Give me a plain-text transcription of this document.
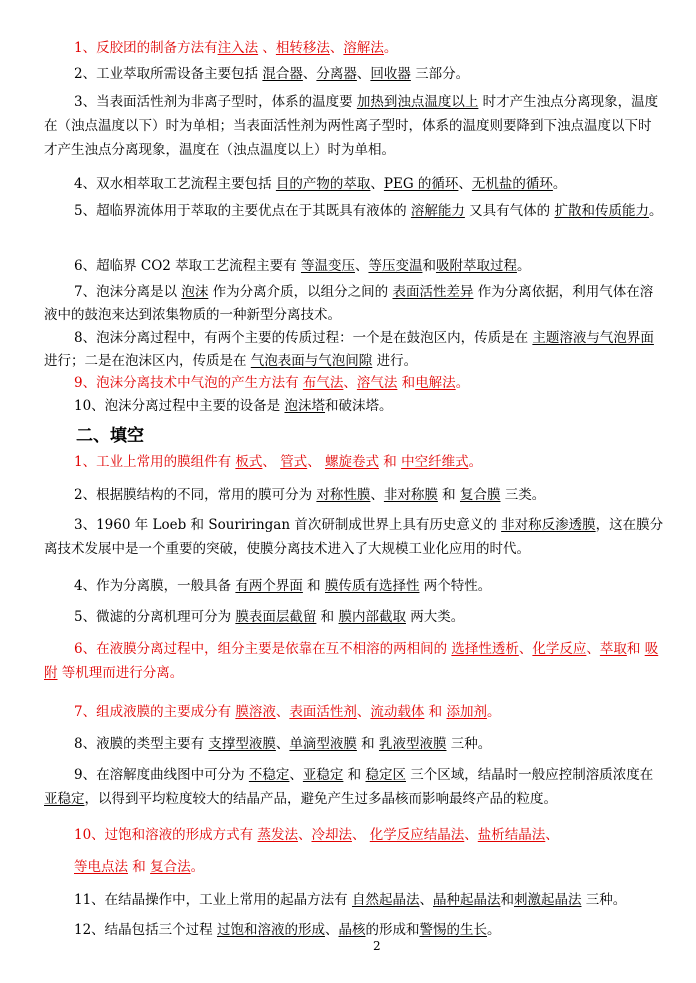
二、填空
1、反胶团的制备方法有注入法 、相转移法、溶解法。
2、工业萃取所需设备主要包括 混合器、分离器、回收器 三部分。
3、当表面活性剂为非离子型时，体系的温度要 加热到浊点温度以上 时才产生浊点分离现象，温度在（浊点温度以下）时为单相；当表面活性剂为两性离子型时，体系的温度则要降到下浊点温度以下时才产生浊点分离现象，温度在（浊点温度以上）时为单相。
4、双水相萃取工艺流程主要包括 目的产物的萃取、PEG 的循环、无机盐的循环。
5、超临界流体用于萃取的主要优点在于其既具有液体的 溶解能力 又具有气体的 扩散和传质能力。
6、超临界 CO2 萃取工艺流程主要有 等温变压、等压变温和吸附萃取过程。
7、泡沫分离是以 泡沫 作为分离介质，以组分之间的 表面活性差异 作为分离依据，利用气体在溶液中的鼓泡来达到浓集物质的一种新型分离技术。
8、泡沫分离过程中，有两个主要的传质过程：一个是在鼓泡区内，传质是在 主题溶液与气泡界面 进行；二是在泡沫区内，传质是在 气泡表面与气泡间隙 进行。
9、泡沫分离技术中气泡的产生方法有 布气法、溶气法 和电解法。
10、泡沫分离过程中主要的设备是 泡沫塔和破沫塔。
1、工业上常用的膜组件有 板式、 管式、 螺旋卷式 和 中空纤维式。
2、根据膜结构的不同，常用的膜可分为 对称性膜、非对称膜 和 复合膜 三类。
3、1960 年 Loeb 和 Souriringan 首次研制成世界上具有历史意义的 非对称反渗透膜，这在膜分离技术发展中是一个重要的突破，使膜分离技术进入了大规模工业化应用的时代。
4、作为分离膜，一般具备 有两个界面 和 膜传质有选择性 两个特性。
5、微滤的分离机理可分为 膜表面层截留 和 膜内部截取 两大类。
6、在液膜分离过程中，组分主要是依靠在互不相溶的两相间的 选择性透析、化学反应、萃取和 吸附 等机理而进行分离。
7、组成液膜的主要成分有 膜溶液、表面活性剂、流动载体 和 添加剂。
8、液膜的类型主要有 支撑型液膜、单滴型液膜 和 乳液型液膜 三种。
9、在溶解度曲线图中可分为 不稳定、亚稳定 和 稳定区 三个区域，结晶时一般应控制溶质浓度在 亚稳定，以得到平均粒度较大的结晶产品，避免产生过多晶核而影响最终产品的粒度。
10、过饱和溶液的形成方式有 蒸发法、冷却法、 化学反应结晶法、盐析结晶法、
等电点法 和 复合法。
11、在结晶操作中，工业上常用的起晶方法有 自然起晶法、晶种起晶法和刺激起晶法 三种。
12、结晶包括三个过程 过饱和溶液的形成、晶核的形成和警惕的生长。
2
